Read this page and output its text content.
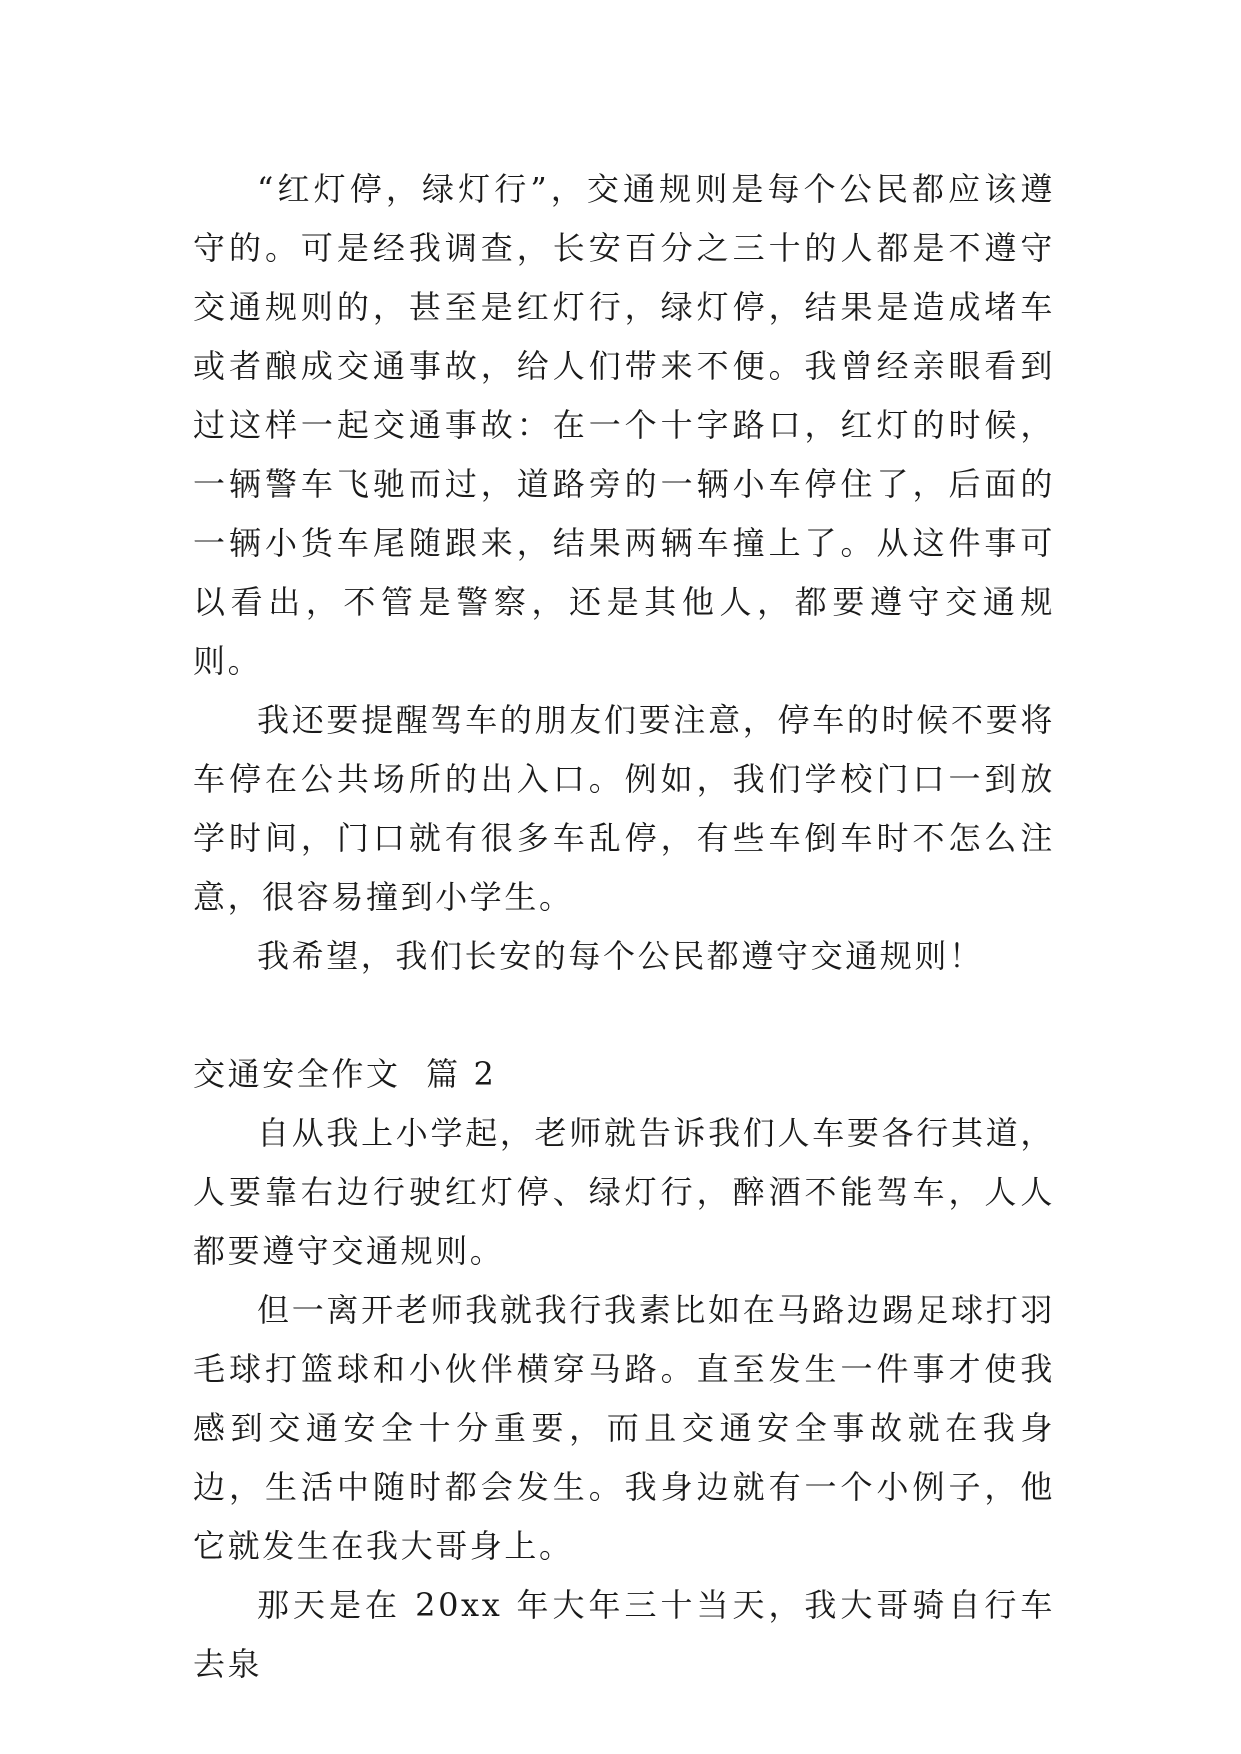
“红灯停，绿灯行”，交通规则是每个公民都应该遵守的。可是经我调查，长安百分之三十的人都是不遵守交通规则的，甚至是红灯行，绿灯停，结果是造成堵车或者酿成交通事故，给人们带来不便。我曾经亲眼看到过这样一起交通事故：在一个十字路口，红灯的时候，一辆警车飞驰而过，道路旁的一辆小车停住了，后面的一辆小货车尾随跟来，结果两辆车撞上了。从这件事可以看出，不管是警察，还是其他人，都要遵守交通规则。

我还要提醒驾车的朋友们要注意，停车的时候不要将车停在公共场所的出入口。例如，我们学校门口一到放学时间，门口就有很多车乱停，有些车倒车时不怎么注意，很容易撞到小学生。

我希望，我们长安的每个公民都遵守交通规则！

交通安全作文  篇 2

自从我上小学起，老师就告诉我们人车要各行其道，人要靠右边行驶红灯停、绿灯行，醉酒不能驾车，人人都要遵守交通规则。

但一离开老师我就我行我素比如在马路边踢足球打羽毛球打篮球和小伙伴横穿马路。直至发生一件事才使我感到交通安全十分重要，而且交通安全事故就在我身边，生活中随时都会发生。我身边就有一个小例子，他它就发生在我大哥身上。

那天是在 20xx 年大年三十当天，我大哥骑自行车去泉
